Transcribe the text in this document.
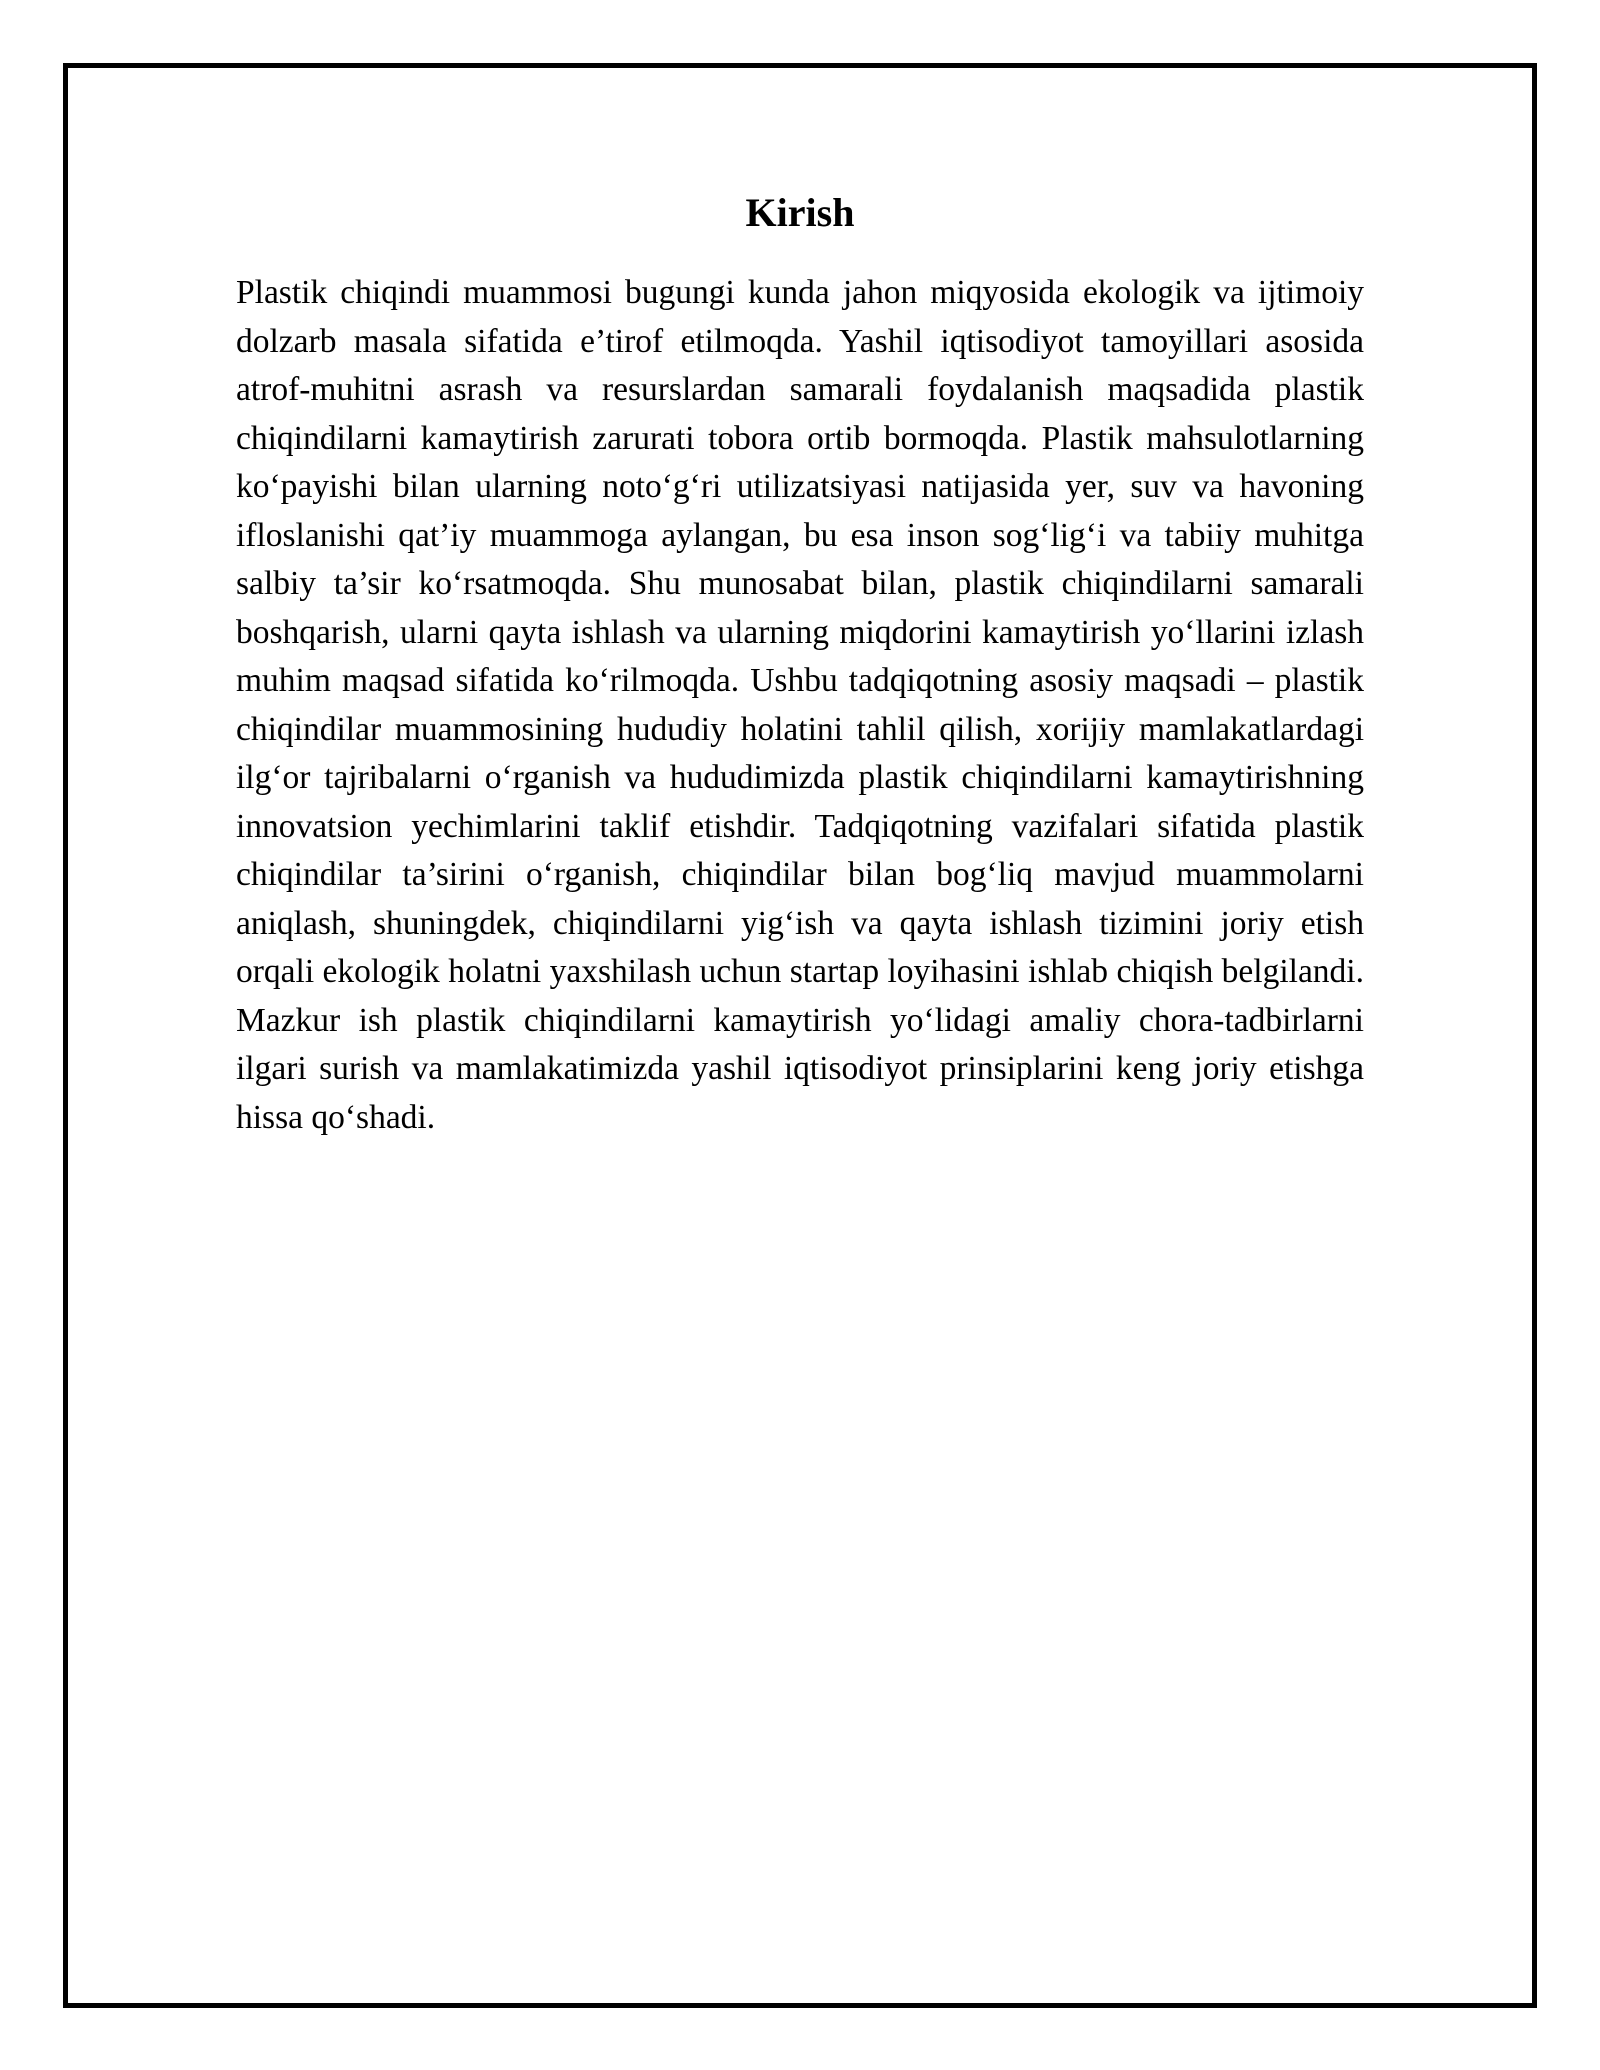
Kirish

Plastik chiqindi muammosi bugungi kunda jahon miqyosida ekologik va ijtimoiy dolzarb masala sifatida e’tirof etilmoqda. Yashil iqtisodiyot tamoyillari asosida atrof-muhitni asrash va resurslardan samarali foydalanish maqsadida plastik chiqindilarni kamaytirish zarurati tobora ortib bormoqda. Plastik mahsulotlarning ko‘payishi bilan ularning noto‘g‘ri utilizatsiyasi natijasida yer, suv va havoning ifloslanishi qat’iy muammoga aylangan, bu esa inson sog‘lig‘i va tabiiy muhitga salbiy ta’sir ko‘rsatmoqda. Shu munosabat bilan, plastik chiqindilarni samarali boshqarish, ularni qayta ishlash va ularning miqdorini kamaytirish yo‘llarini izlash muhim maqsad sifatida ko‘rilmoqda. Ushbu tadqiqotning asosiy maqsadi – plastik chiqindilar muammosining hududiy holatini tahlil qilish, xorijiy mamlakatlardagi ilg‘or tajribalarni o‘rganish va hududimizda plastik chiqindilarni kamaytirishning innovatsion yechimlarini taklif etishdir. Tadqiqotning vazifalari sifatida plastik chiqindilar ta’sirini o‘rganish, chiqindilar bilan bog‘liq mavjud muammolarni aniqlash, shuningdek, chiqindilarni yig‘ish va qayta ishlash tizimini joriy etish orqali ekologik holatni yaxshilash uchun startap loyihasini ishlab chiqish belgilandi. Mazkur ish plastik chiqindilarni kamaytirish yo‘lidagi amaliy chora-tadbirlarni ilgari surish va mamlakatimizda yashil iqtisodiyot prinsiplarini keng joriy etishga hissa qo‘shadi.
